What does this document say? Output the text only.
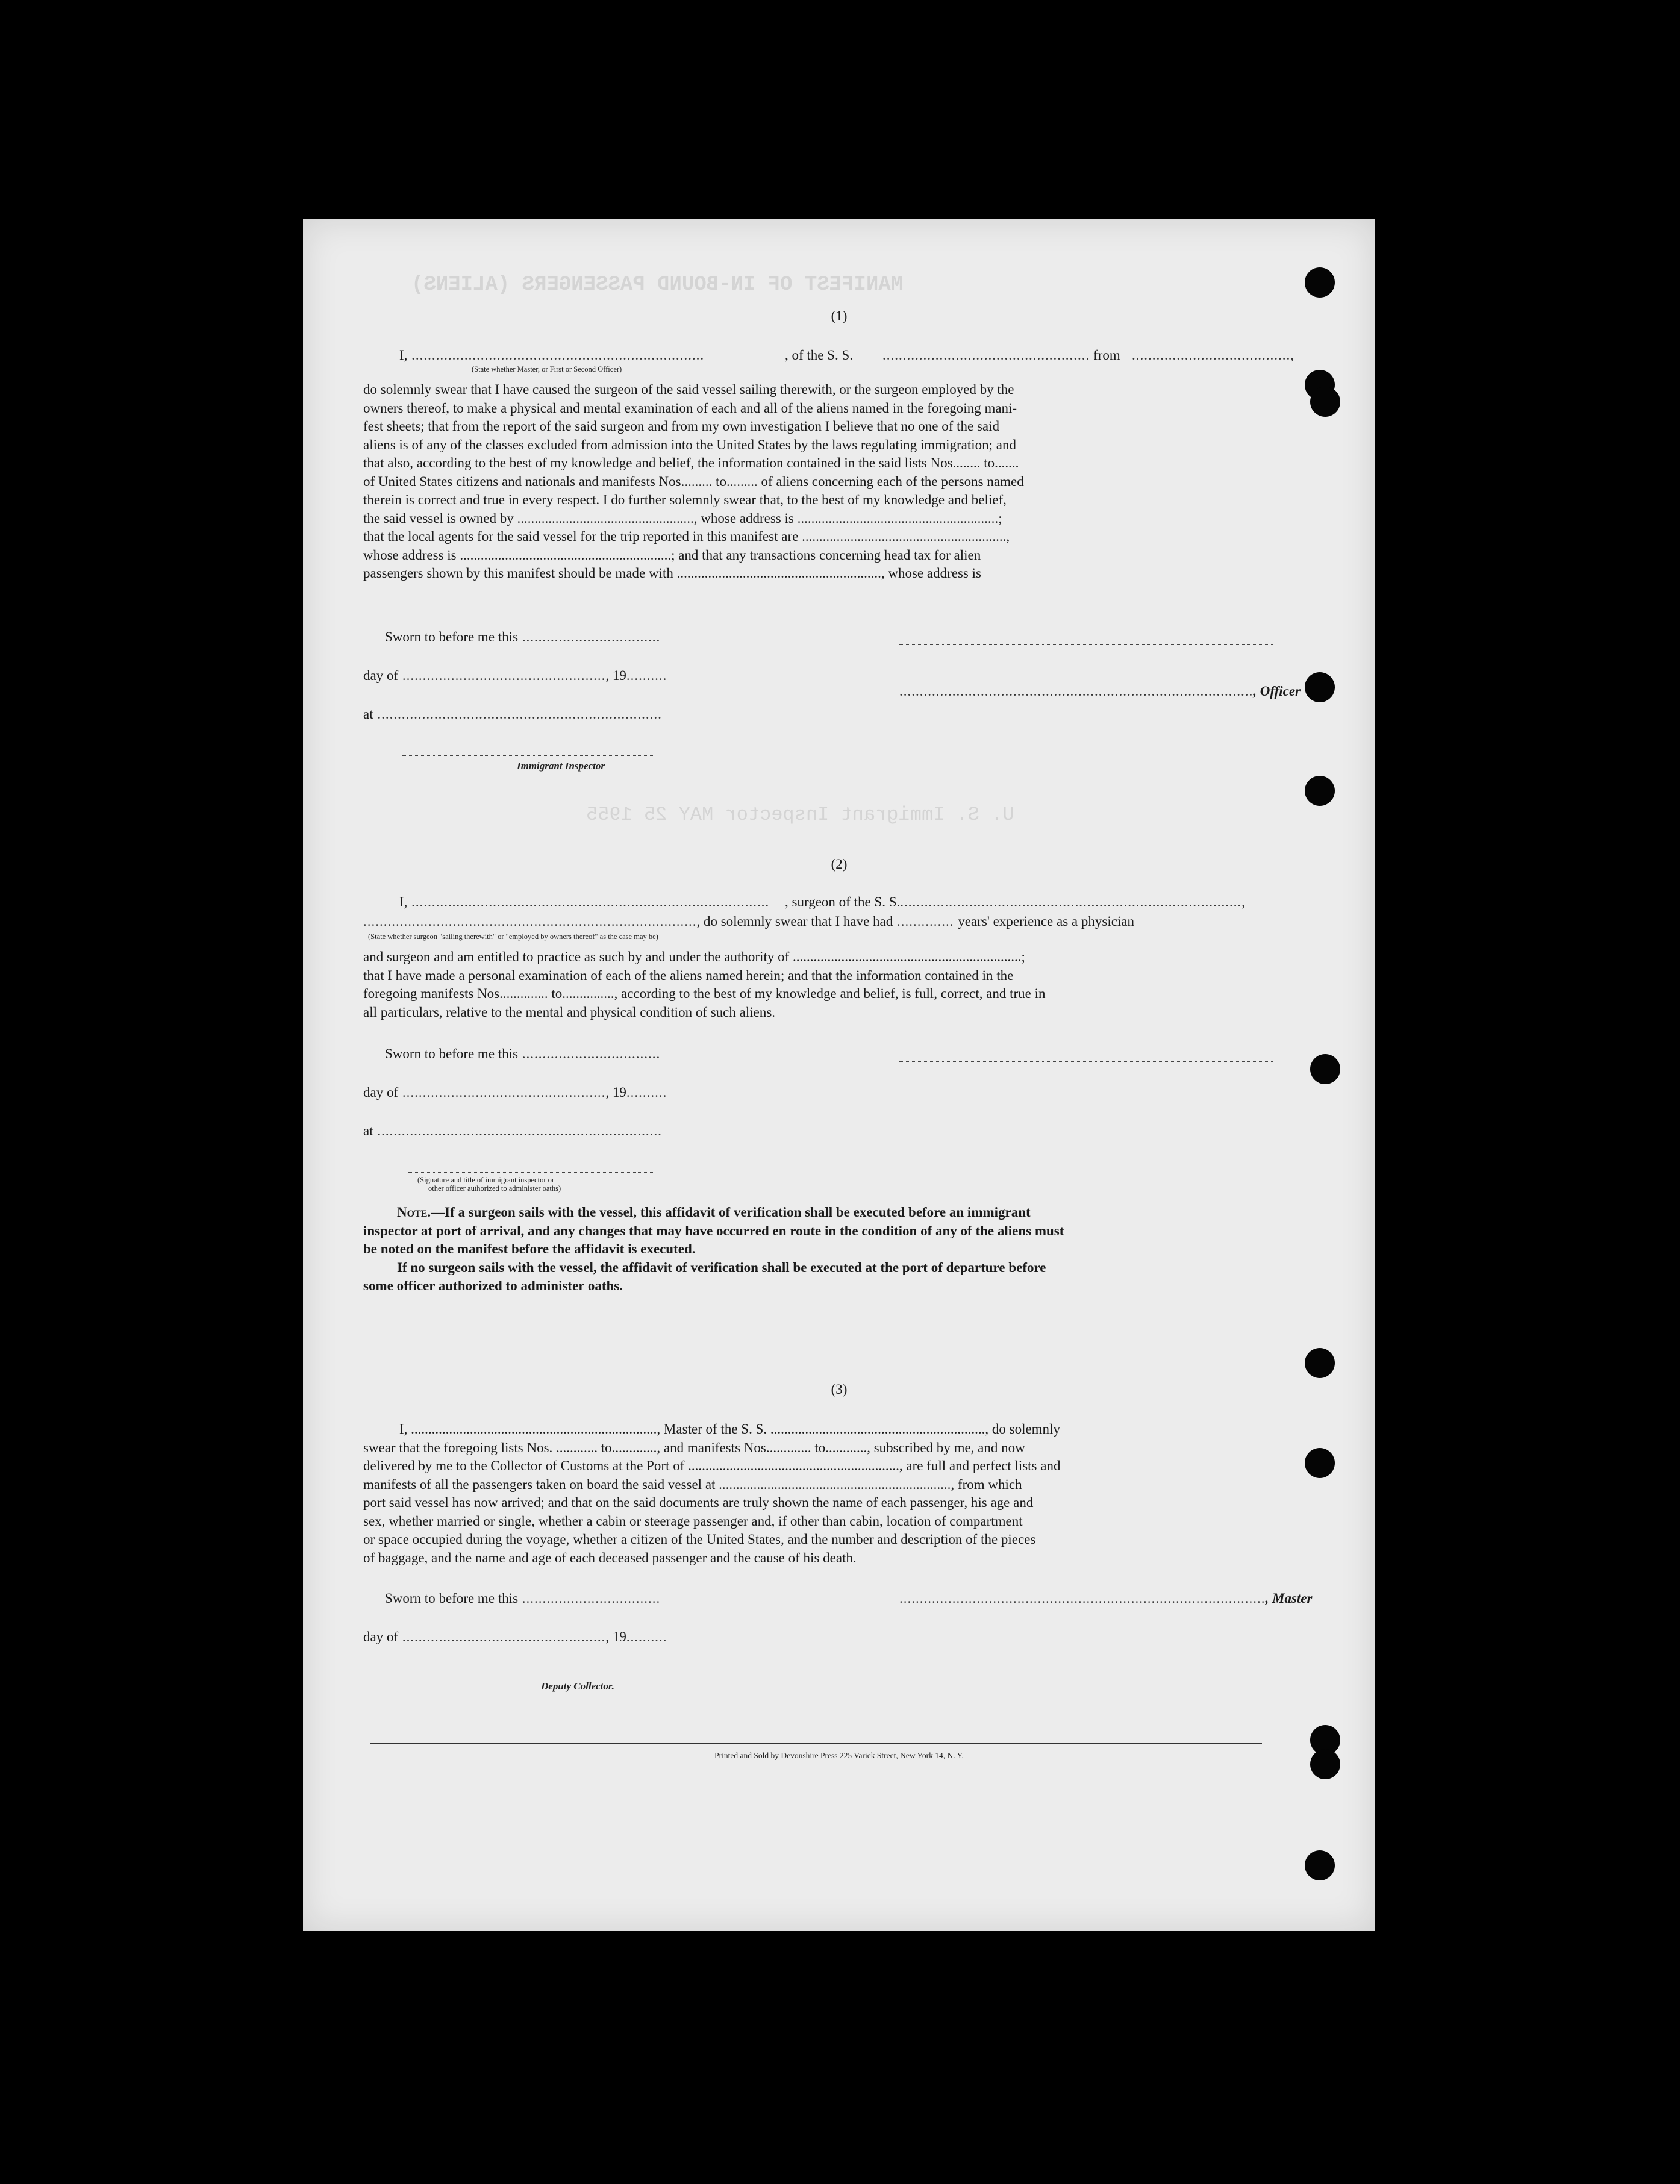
MANIFEST OF IN-BOUND PASSENGERS (ALIENS)
U. S. Immigrant Inspector MAY 25 1955
(1)
I, ........................................................................	, of the S. S. ................................................... from .......................................,
(State whether Master, or First or Second Officer)
do solemnly swear that I have caused the surgeon of the said vessel sailing therewith, or the surgeon employed by the
owners thereof, to make a physical and mental examination of each and all of the aliens named in the foregoing mani-
fest sheets; that from the report of the said surgeon and from my own investigation I believe that no one of the said
aliens is of any of the classes excluded from admission into the United States by the laws regulating immigration; and
that also, according to the best of my knowledge and belief, the information contained in the said lists Nos........ to.......
of United States citizens and nationals and manifests Nos......... to......... of aliens concerning each of the persons named
therein is correct and true in every respect. I do further solemnly swear that, to the best of my knowledge and belief,
the said vessel is owned by ..................................................., whose address is ..........................................................;
that the local agents for the said vessel for the trip reported in this manifest are ...........................................................,
whose address is .............................................................; and that any transactions concerning head tax for alien
passengers shown by this manifest should be made with ..........................................................., whose address is
Sworn to before me this ..................................
day of .................................................., 19..........
......................................................................................., Officer
at ......................................................................
Immigrant Inspector
(2)
I, ........................................................................................ , surgeon of the S. S.....................................................................................,
.................................................................................., do solemnly swear that I have had .............. years' experience as a physician
(State whether surgeon "sailing therewith" or "employed by owners thereof" as the case may be)
and surgeon and am entitled to practice as such by and under the authority of ..................................................................;
that I have made a personal examination of each of the aliens named herein; and that the information contained in the
foregoing manifests Nos.............. to..............., according to the best of my knowledge and belief, is full, correct, and true in
all particulars, relative to the mental and physical condition of such aliens.
Sworn to before me this ..................................
day of .................................................., 19..........
at ......................................................................
(Signature and title of immigrant inspector or
other officer authorized to administer oaths)
Note.—If a surgeon sails with the vessel, this affidavit of verification shall be executed before an immigrant
inspector at port of arrival, and any changes that may have occurred en route in the condition of any of the aliens must
be noted on the manifest before the affidavit is executed.
If no surgeon sails with the vessel, the affidavit of verification shall be executed at the port of departure before
some officer authorized to administer oaths.
(3)
I, ......................................................................., Master of the S. S. .............................................................., do solemnly
swear that the foregoing lists Nos. ............ to............., and manifests Nos............. to............, subscribed by me, and now
delivered by me to the Collector of Customs at the Port of ............................................................., are full and perfect lists and
manifests of all the passengers taken on board the said vessel at ..................................................................., from which
port said vessel has now arrived; and that on the said documents are truly shown the name of each passenger, his age and
sex, whether married or single, whether a cabin or steerage passenger and, if other than cabin, location of compartment
or space occupied during the voyage, whether a citizen of the United States, and the number and description of the pieces
of baggage, and the name and age of each deceased passenger and the cause of his death.
Sworn to before me this ..................................	.........................................................................................., Master
day of .................................................., 19..........
Deputy Collector.
Printed and Sold by Devonshire Press 225 Varick Street, New York 14, N. Y.
